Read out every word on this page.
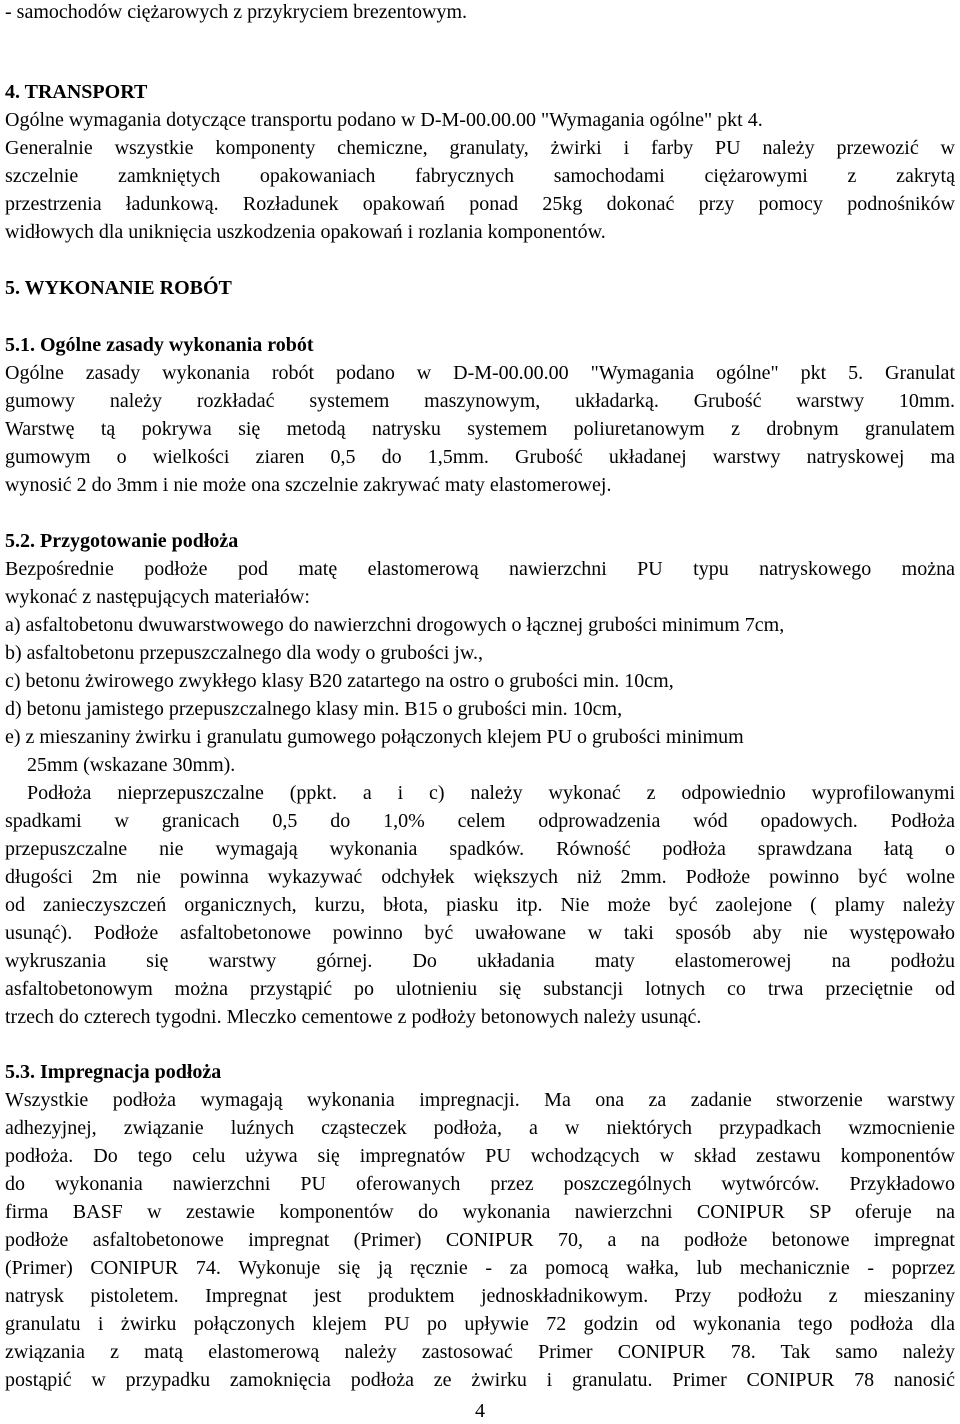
- samochodów ciężarowych z przykryciem brezentowym.
4. TRANSPORT
Ogólne wymagania dotyczące transportu podano w D-M-00.00.00 "Wymagania ogólne" pkt 4.
Generalnie wszystkie komponenty chemiczne, granulaty, żwirki i farby PU należy przewozić w
szczelnie zamkniętych opakowaniach fabrycznych samochodami ciężarowymi z zakrytą
przestrzenia ładunkową. Rozładunek opakowań ponad 25kg dokonać przy pomocy podnośników
widłowych dla uniknięcia uszkodzenia opakowań i rozlania komponentów.
5. WYKONANIE ROBÓT
5.1. Ogólne zasady wykonania robót
Ogólne zasady wykonania robót podano w D-M-00.00.00 "Wymagania ogólne" pkt 5. Granulat
gumowy należy rozkładać systemem maszynowym, układarką. Grubość warstwy 10mm.
Warstwę tą pokrywa się metodą natrysku systemem poliuretanowym z drobnym granulatem
gumowym o wielkości ziaren 0,5 do 1,5mm. Grubość układanej warstwy natryskowej ma
wynosić 2 do 3mm i nie może ona szczelnie zakrywać maty elastomerowej.
5.2. Przygotowanie podłoża
Bezpośrednie podłoże pod matę elastomerową nawierzchni PU typu natryskowego można
wykonać z następujących materiałów:
a) asfaltobetonu dwuwarstwowego do nawierzchni drogowych o łącznej grubości minimum 7cm,
b) asfaltobetonu przepuszczalnego dla wody o grubości jw.,
c) betonu żwirowego zwykłego klasy B20 zatartego na ostro o grubości min. 10cm,
d) betonu jamistego przepuszczalnego klasy min. B15 o grubości min. 10cm,
e) z mieszaniny żwirku i granulatu gumowego połączonych klejem PU o grubości minimum
25mm (wskazane 30mm).
Podłoża nieprzepuszczalne (ppkt. a i c) należy wykonać z odpowiednio wyprofilowanymi
spadkami w granicach 0,5 do 1,0% celem odprowadzenia wód opadowych. Podłoża
przepuszczalne nie wymagają wykonania spadków. Równość podłoża sprawdzana łatą o
długości 2m nie powinna wykazywać odchyłek większych niż 2mm. Podłoże powinno być wolne
od zanieczyszczeń organicznych, kurzu, błota, piasku itp. Nie może być zaolejone ( plamy należy
usunąć). Podłoże asfaltobetonowe powinno być uwałowane w taki sposób aby nie występowało
wykruszania się warstwy górnej. Do układania maty elastomerowej na podłożu
asfaltobetonowym można przystąpić po ulotnieniu się substancji lotnych co trwa przeciętnie od
trzech do czterech tygodni. Mleczko cementowe z podłoży betonowych należy usunąć.
5.3. Impregnacja podłoża
Wszystkie podłoża wymagają wykonania impregnacji. Ma ona za zadanie stworzenie warstwy
adhezyjnej, związanie luźnych cząsteczek podłoża, a w niektórych przypadkach wzmocnienie
podłoża. Do tego celu używa się impregnatów PU wchodzących w skład zestawu komponentów
do wykonania nawierzchni PU oferowanych przez poszczególnych wytwórców. Przykładowo
firma BASF w zestawie komponentów do wykonania nawierzchni CONIPUR SP oferuje na
podłoże asfaltobetonowe impregnat (Primer) CONIPUR 70, a na podłoże betonowe impregnat
(Primer) CONIPUR 74. Wykonuje się ją ręcznie - za pomocą wałka, lub mechanicznie - poprzez
natrysk pistoletem. Impregnat jest produktem jednoskładnikowym. Przy podłożu z mieszaniny
granulatu i żwirku połączonych klejem PU po upływie 72 godzin od wykonania tego podłoża dla
związania z matą elastomerową należy zastosować Primer CONIPUR 78. Tak samo należy
postąpić w przypadku zamoknięcia podłoża ze żwirku i granulatu. Primer CONIPUR 78 nanosić
4
